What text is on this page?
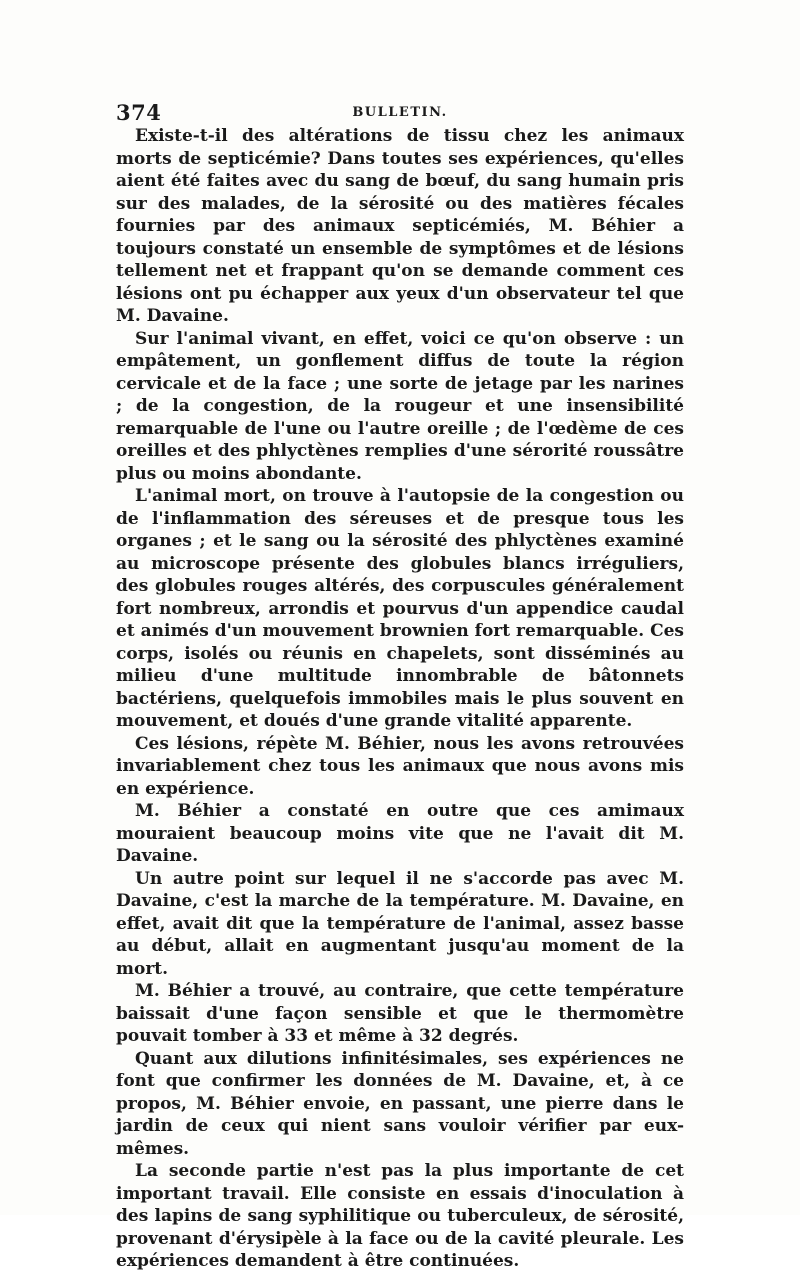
374	BULLETIN.

Existe-t-il des altérations de tissu chez les animaux morts de septicémie? Dans toutes ses expériences, qu'elles aient été faites avec du sang de bœuf, du sang humain pris sur des malades, de la sérosité ou des matières fécales fournies par des animaux septicémiés, M. Béhier a toujours constaté un ensemble de symptômes et de lésions tellement net et frappant qu'on se demande comment ces lésions ont pu échapper aux yeux d'un observateur tel que M. Davaine.

Sur l'animal vivant, en effet, voici ce qu'on observe : un empâtement, un gonflement diffus de toute la région cervicale et de la face ; une sorte de jetage par les narines ; de la congestion, de la rougeur et une insensibilité remarquable de l'une ou l'autre oreille ; de l'œdème de ces oreilles et des phlyctènes remplies d'une sérorité roussâtre plus ou moins abondante.

L'animal mort, on trouve à l'autopsie de la congestion ou de l'inflammation des séreuses et de presque tous les organes ; et le sang ou la sérosité des phlyctènes examiné au microscope présente des globules blancs irréguliers, des globules rouges altérés, des corpuscules généralement fort nombreux, arrondis et pourvus d'un appendice caudal et animés d'un mouvement brownien fort remarquable. Ces corps, isolés ou réunis en chapelets, sont disséminés au milieu d'une multitude innombrable de bâtonnets bactériens, quelquefois immobiles mais le plus souvent en mouvement, et doués d'une grande vitalité apparente.

Ces lésions, répète M. Béhier, nous les avons retrouvées invariablement chez tous les animaux que nous avons mis en expérience.

M. Béhier a constaté en outre que ces amimaux mouraient beaucoup moins vite que ne l'avait dit M. Davaine.

Un autre point sur lequel il ne s'accorde pas avec M. Davaine, c'est la marche de la température. M. Davaine, en effet, avait dit que la température de l'animal, assez basse au début, allait en augmentant jusqu'au moment de la mort.

M. Béhier a trouvé, au contraire, que cette température baissait d'une façon sensible et que le thermomètre pouvait tomber à 33 et même à 32 degrés.

Quant aux dilutions infinitésimales, ses expériences ne font que confirmer les données de M. Davaine, et, à ce propos, M. Béhier envoie, en passant, une pierre dans le jardin de ceux qui nient sans vouloir vérifier par eux-mêmes.

La seconde partie n'est pas la plus importante de cet important travail. Elle consiste en essais d'inoculation à des lapins de sang syphilitique ou tuberculeux, de sérosité, provenant d'érysipèle à la face ou de la cavité pleurale. Les expériences demandent à être continuées.
